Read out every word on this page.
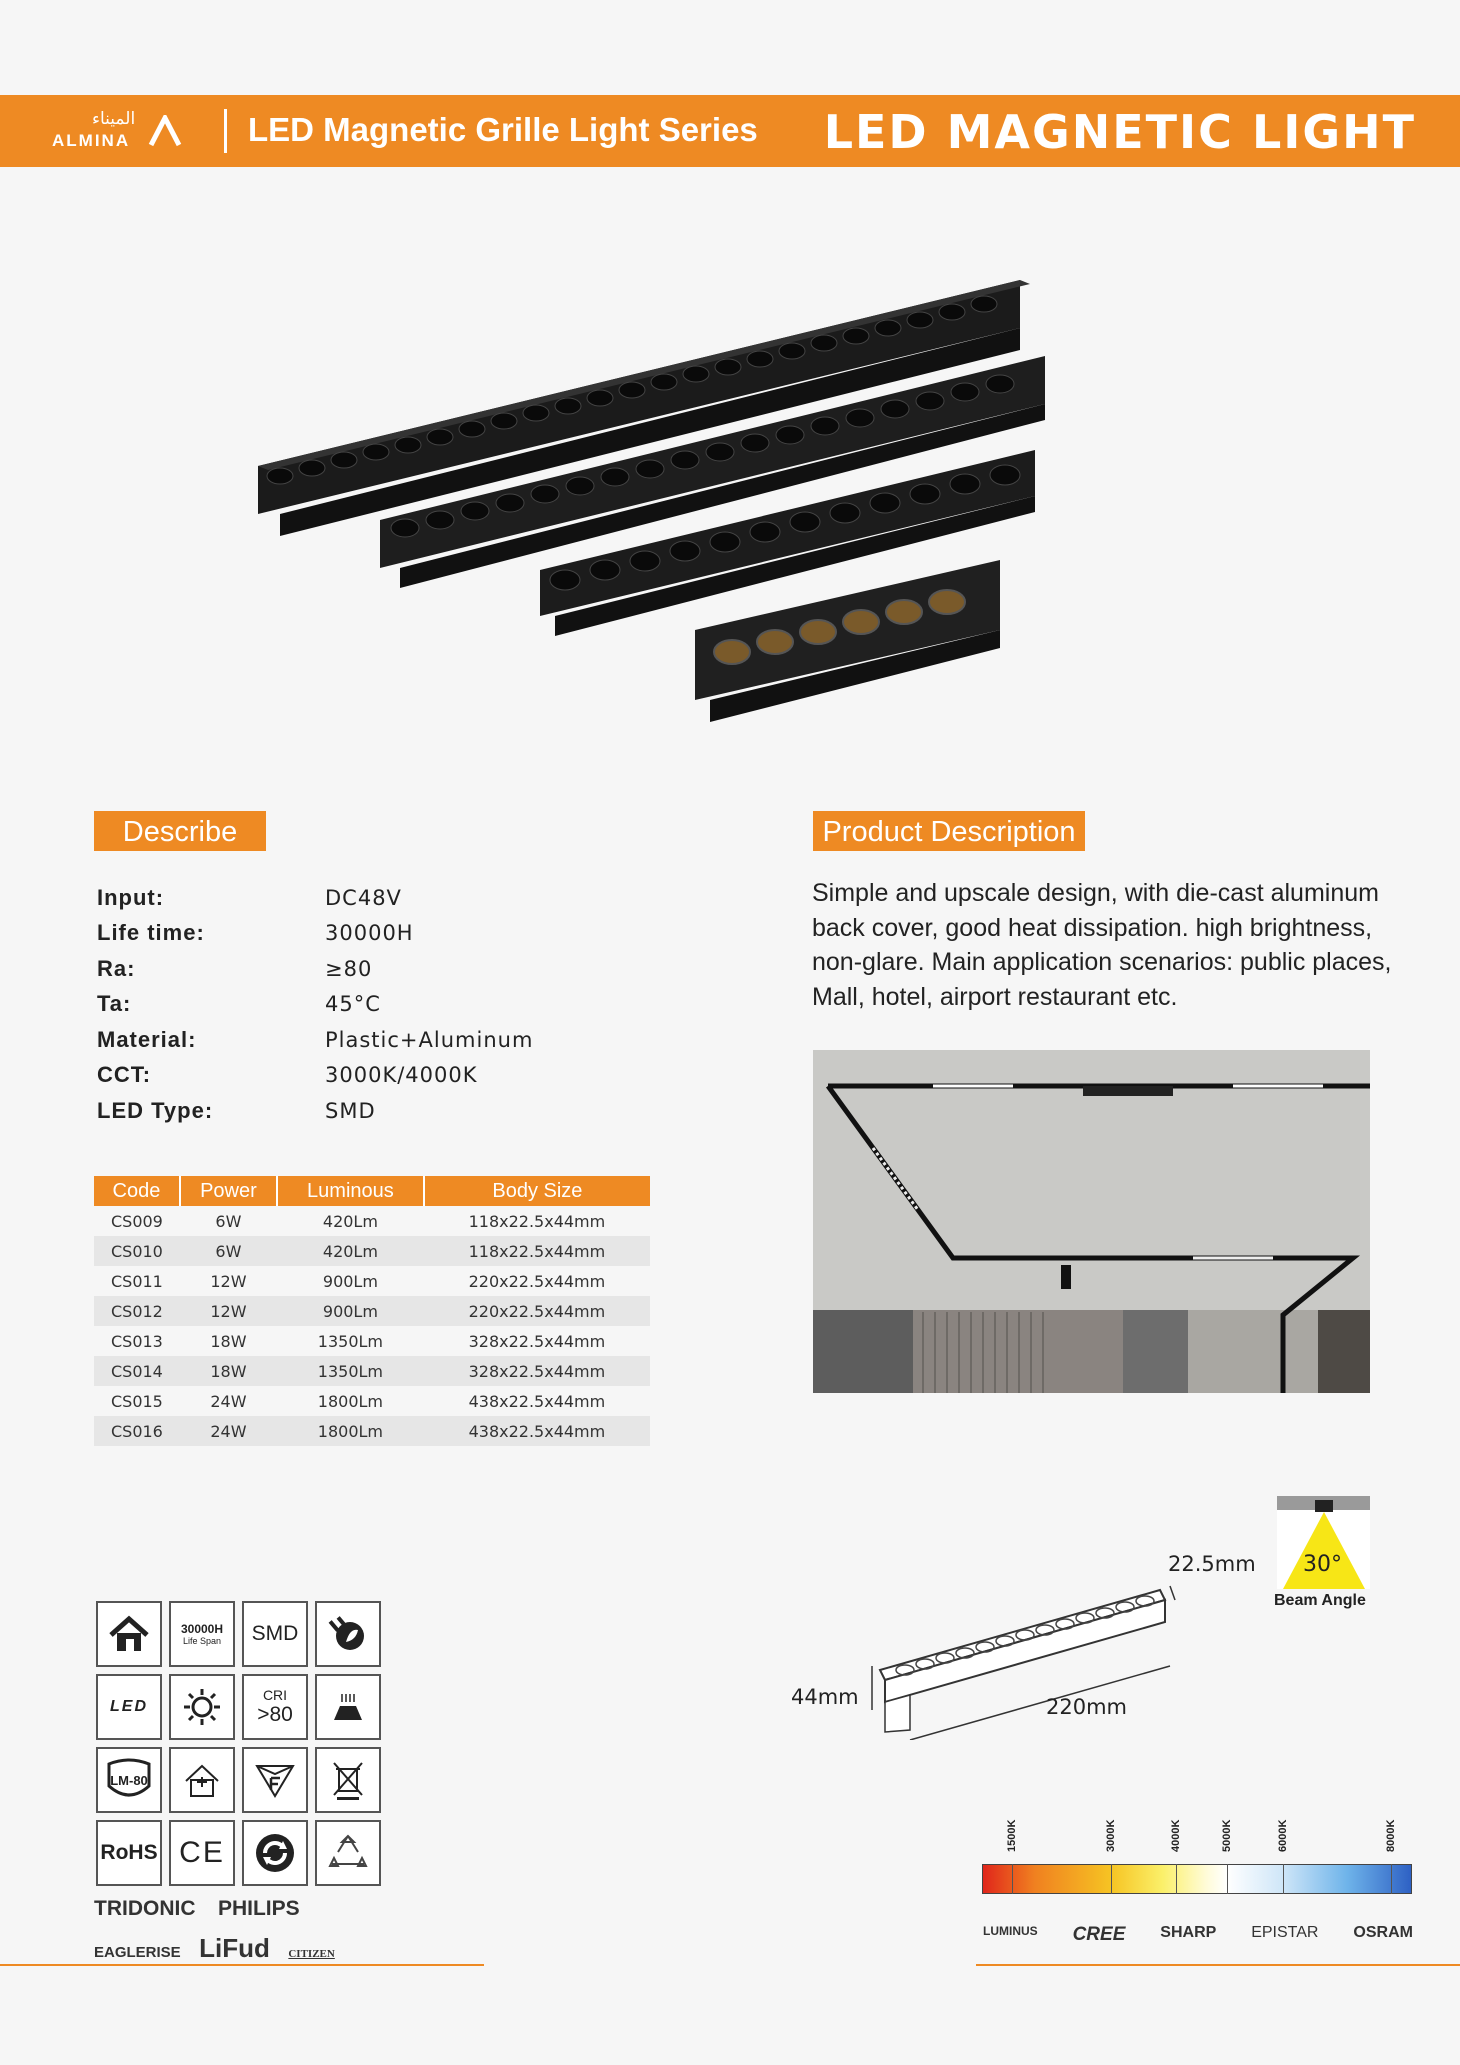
الميناء
ALMINA	LED Magnetic Grille Light Series LED MAGNETIC LIGHT
Describe
Input:	DC48V
Life time:	30000H
Ra:	≥80
Ta:	45°C
Material:	Plastic+Aluminum
CCT:	3000K/4000K
LED Type:	SMD
Product Description
Simple and upscale design, with die-cast aluminum back cover, good heat dissipation. high brightness, non-glare. Main application scenarios: public places, Mall, hotel, airport restaurant etc.
Code	Power	Luminous	Body Size
CS009	6W	420Lm	118x22.5x44mm
CS010	6W	420Lm	118x22.5x44mm
CS011	12W	900Lm	220x22.5x44mm
CS012	12W	900Lm	220x22.5x44mm
CS013	18W	1350Lm	328x22.5x44mm
CS014	18W	1350Lm	328x22.5x44mm
CS015	24W	1800Lm	438x22.5x44mm
CS016	24W	1800Lm	438x22.5x44mm
30000H
Life Span SMD
LED
CRI
>80
LM-80
RoHS CE
TRIDONIC PHILIPS
EAGLERISE LiFud CITIZEN
22.5mm
44mm	220mm
30°
Beam Angle
1500K	3000K	4000K	5000K	6000K	8000K
LUMINUS CREE SHARP EPISTAR OSRAM
